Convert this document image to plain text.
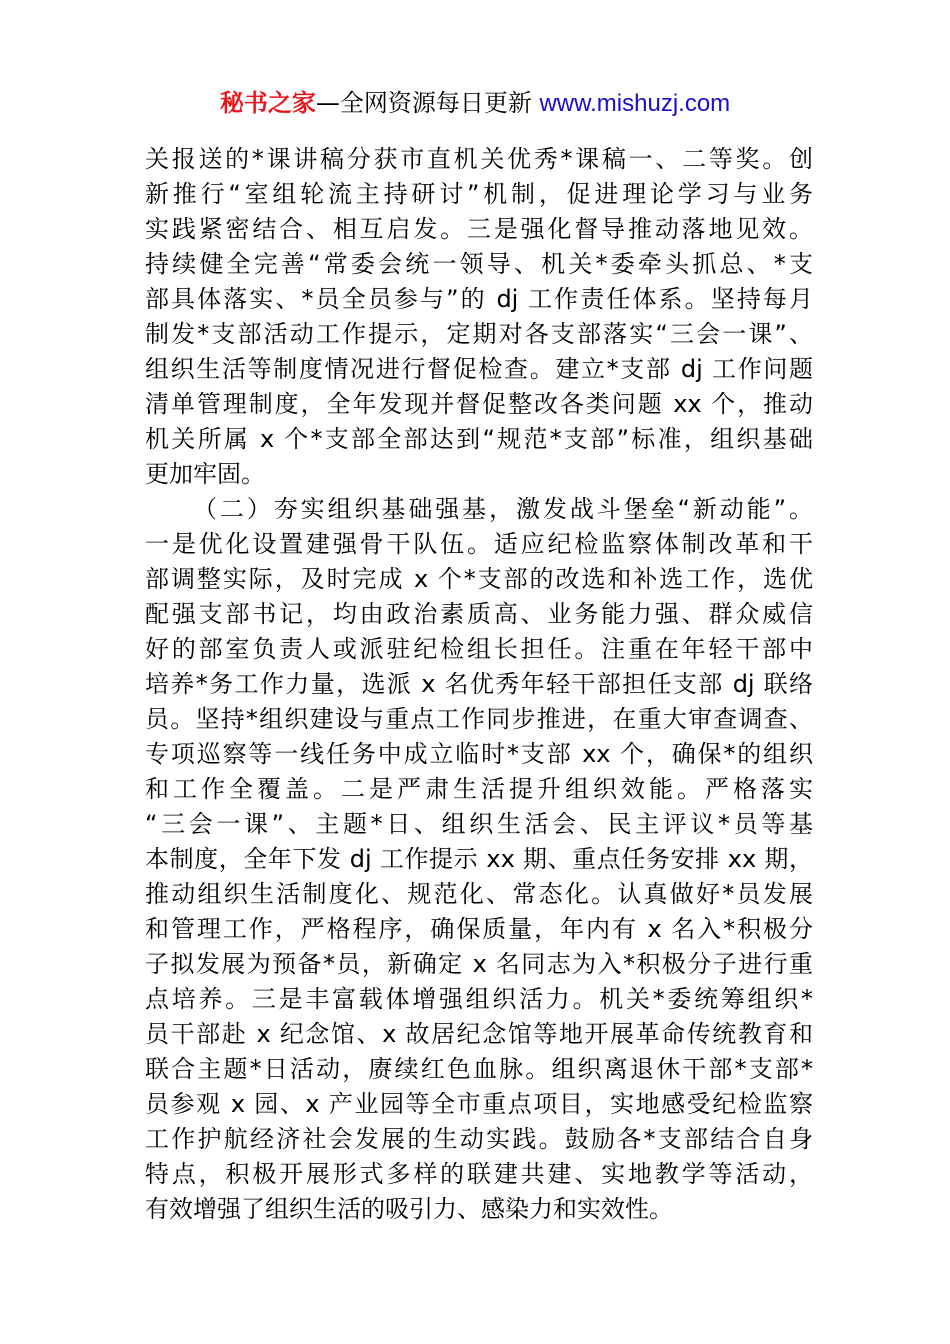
秘书之家—全网资源每日更新 www.mishuzj.com
关报送的*课讲稿分获市直机关优秀*课稿一、二等奖。创
新推行“室组轮流主持研讨”机制，促进理论学习与业务
实践紧密结合、相互启发。三是强化督导推动落地见效。
持续健全完善“常委会统一领导、机关*委牵头抓总、*支
部具体落实、*员全员参与”的 dj 工作责任体系。坚持每月
制发*支部活动工作提示，定期对各支部落实“三会一课”、
组织生活等制度情况进行督促检查。建立*支部 dj 工作问题
清单管理制度，全年发现并督促整改各类问题 xx 个，推动
机关所属 x 个*支部全部达到“规范*支部”标准，组织基础
更加牢固。
（二）夯实组织基础强基，激发战斗堡垒“新动能”。
一是优化设置建强骨干队伍。适应纪检监察体制改革和干
部调整实际，及时完成 x 个*支部的改选和补选工作，选优
配强支部书记，均由政治素质高、业务能力强、群众威信
好的部室负责人或派驻纪检组长担任。注重在年轻干部中
培养*务工作力量，选派 x 名优秀年轻干部担任支部 dj 联络
员。坚持*组织建设与重点工作同步推进，在重大审查调查、
专项巡察等一线任务中成立临时*支部 xx 个，确保*的组织
和工作全覆盖。二是严肃生活提升组织效能。严格落实
“三会一课”、主题*日、组织生活会、民主评议*员等基
本制度，全年下发 dj 工作提示 xx 期、重点任务安排 xx 期，
推动组织生活制度化、规范化、常态化。认真做好*员发展
和管理工作，严格程序，确保质量，年内有 x 名入*积极分
子拟发展为预备*员，新确定 x 名同志为入*积极分子进行重
点培养。三是丰富载体增强组织活力。机关*委统筹组织*
员干部赴 x 纪念馆、x 故居纪念馆等地开展革命传统教育和
联合主题*日活动，赓续红色血脉。组织离退休干部*支部*
员参观 x 园、x 产业园等全市重点项目，实地感受纪检监察
工作护航经济社会发展的生动实践。鼓励各*支部结合自身
特点，积极开展形式多样的联建共建、实地教学等活动，
有效增强了组织生活的吸引力、感染力和实效性。
